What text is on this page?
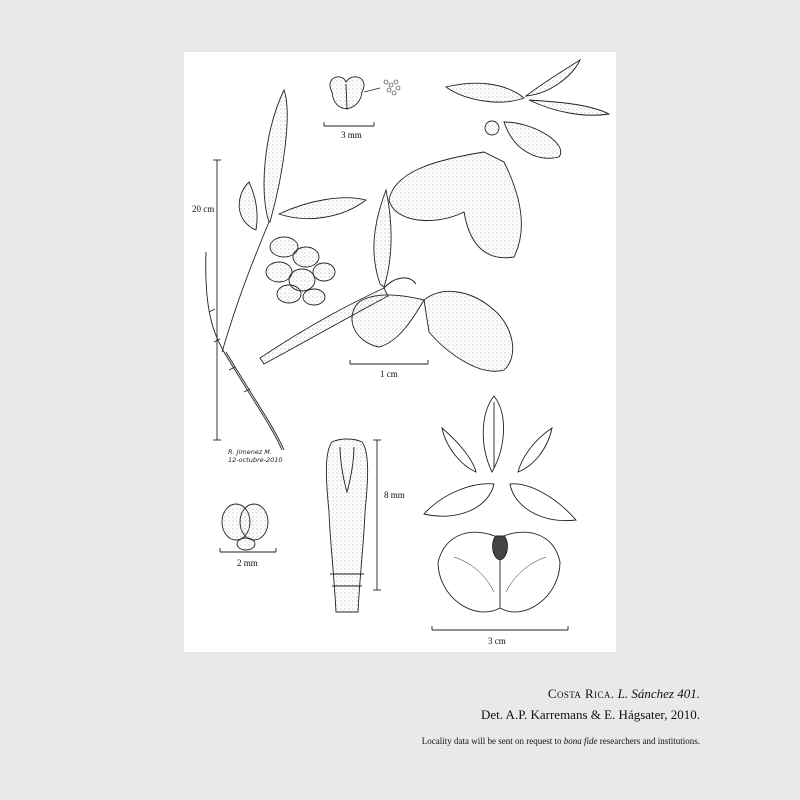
20 cm
R. Jimenez M.
12-octubre-2010
3 mm
1 cm
2 mm
8 mm
3 cm
Costa Rica. L. Sánchez 401.
Det. A.P. Karremans & E. Hágsater, 2010.
Locality data will be sent on request to bona fide researchers and institutions.
